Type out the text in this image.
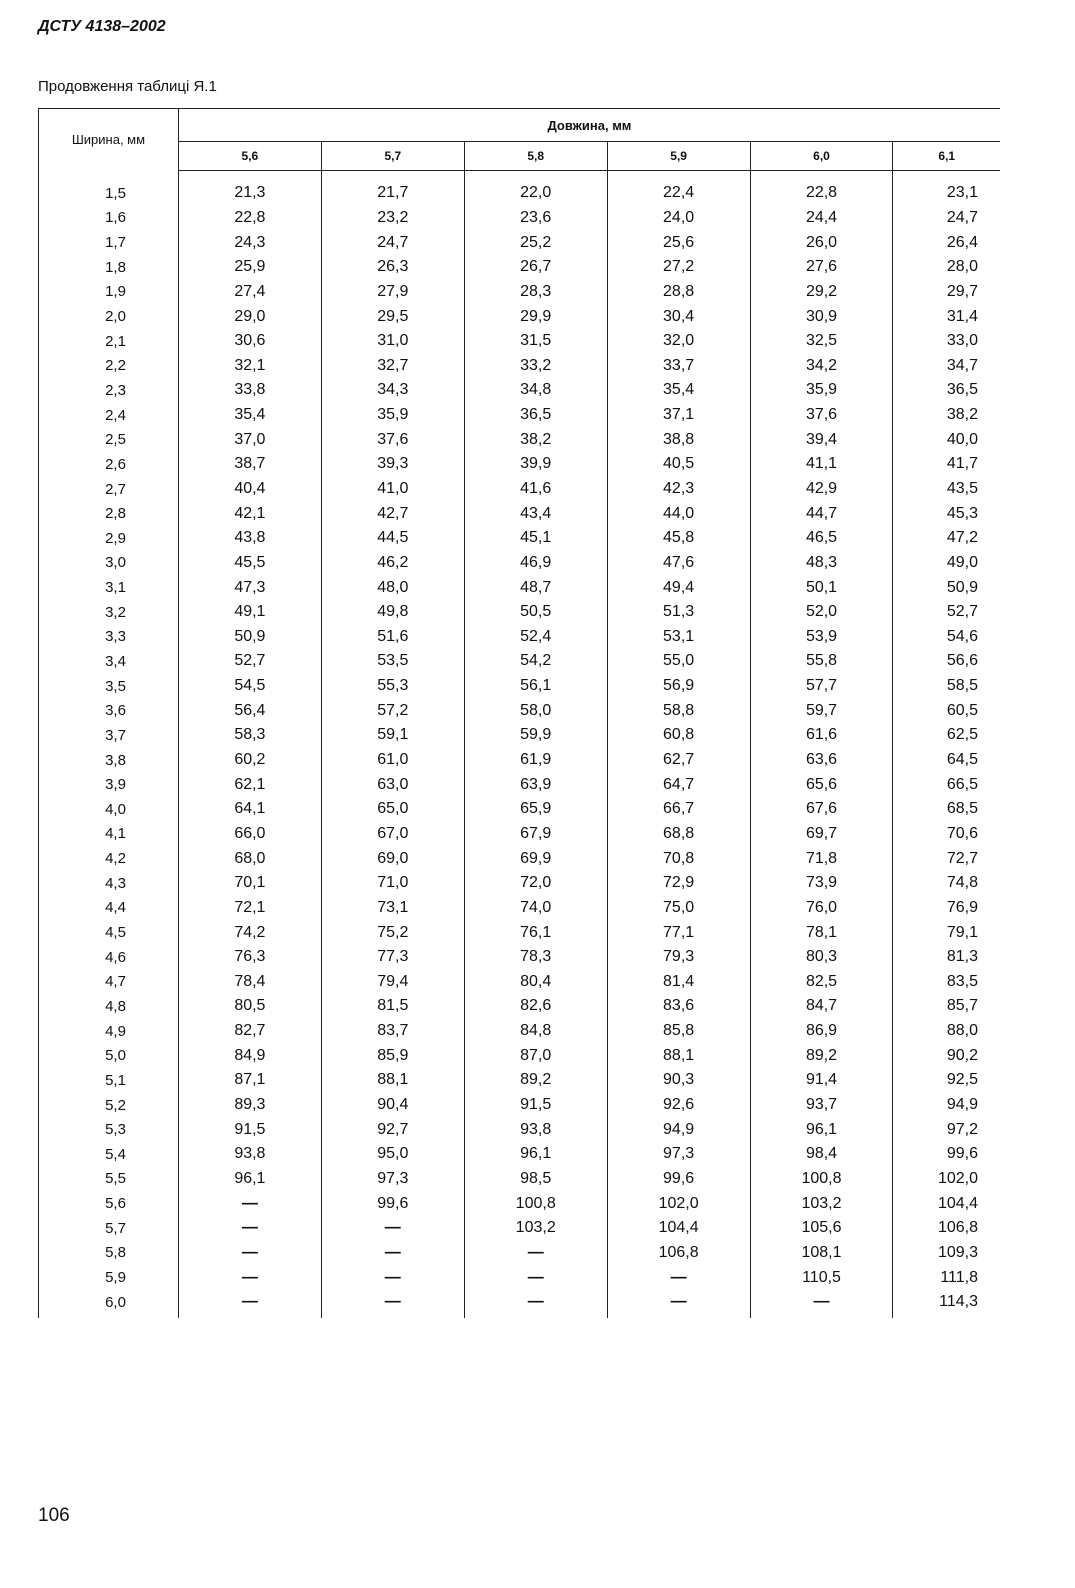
ДСТУ 4138–2002
Продовження таблиці Я.1
Ширина, мм	Довжина, мм					
	5,6	5,7	5,8	5,9	6,0	6,1
1,5	21,3	21,7	22,0	22,4	22,8	23,1
1,6	22,8	23,2	23,6	24,0	24,4	24,7
1,7	24,3	24,7	25,2	25,6	26,0	26,4
1,8	25,9	26,3	26,7	27,2	27,6	28,0
1,9	27,4	27,9	28,3	28,8	29,2	29,7
2,0	29,0	29,5	29,9	30,4	30,9	31,4
2,1	30,6	31,0	31,5	32,0	32,5	33,0
2,2	32,1	32,7	33,2	33,7	34,2	34,7
2,3	33,8	34,3	34,8	35,4	35,9	36,5
2,4	35,4	35,9	36,5	37,1	37,6	38,2
2,5	37,0	37,6	38,2	38,8	39,4	40,0
2,6	38,7	39,3	39,9	40,5	41,1	41,7
2,7	40,4	41,0	41,6	42,3	42,9	43,5
2,8	42,1	42,7	43,4	44,0	44,7	45,3
2,9	43,8	44,5	45,1	45,8	46,5	47,2
3,0	45,5	46,2	46,9	47,6	48,3	49,0
3,1	47,3	48,0	48,7	49,4	50,1	50,9
3,2	49,1	49,8	50,5	51,3	52,0	52,7
3,3	50,9	51,6	52,4	53,1	53,9	54,6
3,4	52,7	53,5	54,2	55,0	55,8	56,6
3,5	54,5	55,3	56,1	56,9	57,7	58,5
3,6	56,4	57,2	58,0	58,8	59,7	60,5
3,7	58,3	59,1	59,9	60,8	61,6	62,5
3,8	60,2	61,0	61,9	62,7	63,6	64,5
3,9	62,1	63,0	63,9	64,7	65,6	66,5
4,0	64,1	65,0	65,9	66,7	67,6	68,5
4,1	66,0	67,0	67,9	68,8	69,7	70,6
4,2	68,0	69,0	69,9	70,8	71,8	72,7
4,3	70,1	71,0	72,0	72,9	73,9	74,8
4,4	72,1	73,1	74,0	75,0	76,0	76,9
4,5	74,2	75,2	76,1	77,1	78,1	79,1
4,6	76,3	77,3	78,3	79,3	80,3	81,3
4,7	78,4	79,4	80,4	81,4	82,5	83,5
4,8	80,5	81,5	82,6	83,6	84,7	85,7
4,9	82,7	83,7	84,8	85,8	86,9	88,0
5,0	84,9	85,9	87,0	88,1	89,2	90,2
5,1	87,1	88,1	89,2	90,3	91,4	92,5
5,2	89,3	90,4	91,5	92,6	93,7	94,9
5,3	91,5	92,7	93,8	94,9	96,1	97,2
5,4	93,8	95,0	96,1	97,3	98,4	99,6
5,5	96,1	97,3	98,5	99,6	100,8	102,0
5,6	—	99,6	100,8	102,0	103,2	104,4
5,7	—	—	103,2	104,4	105,6	106,8
5,8	—	—	—	106,8	108,1	109,3
5,9	—	—	—	—	110,5	111,8
6,0	—	—	—	—	—	114,3
106
